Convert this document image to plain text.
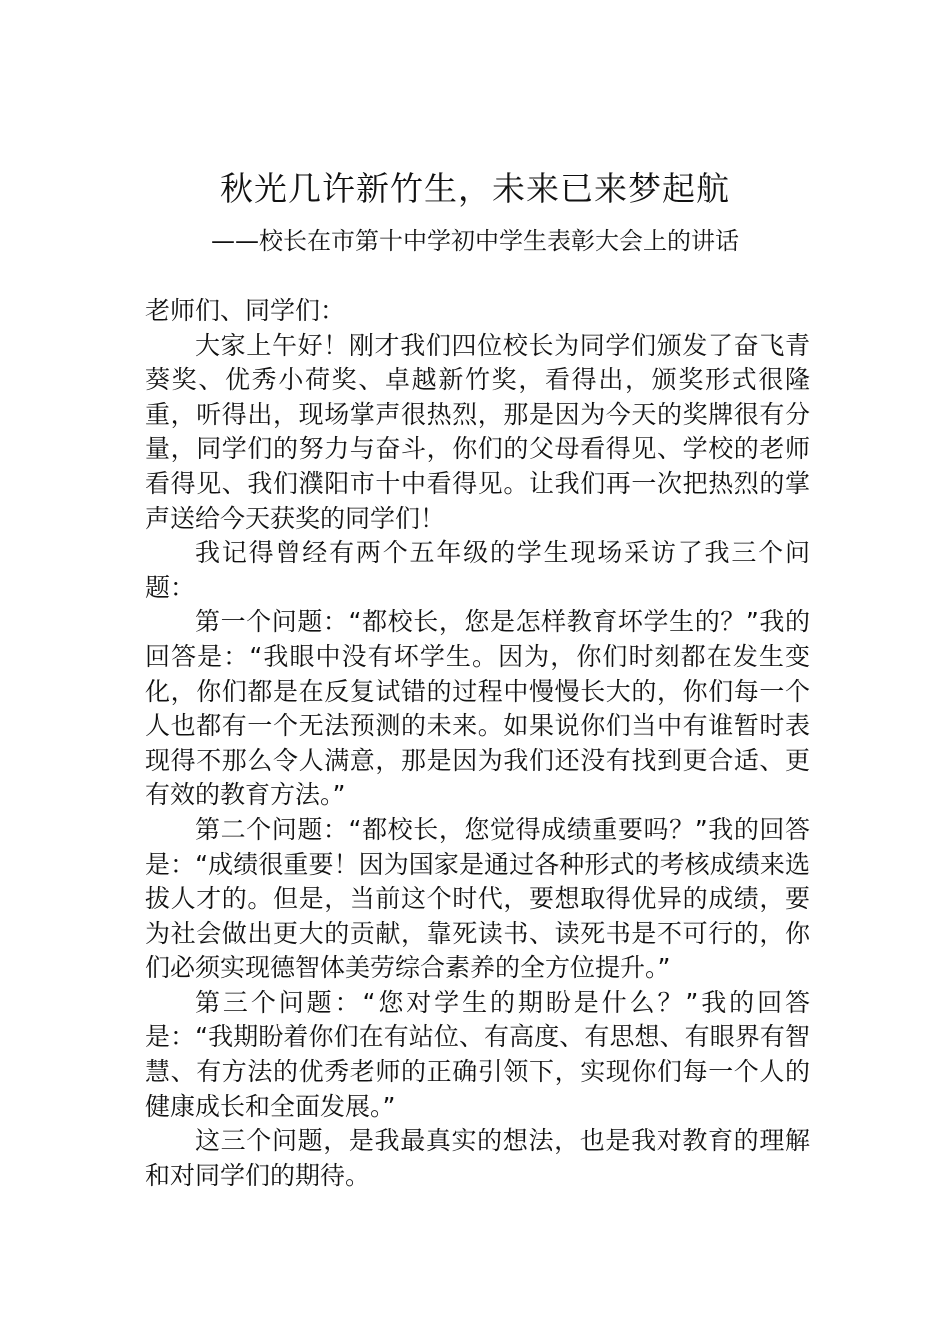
秋光几许新竹生，未来已来梦起航
——校长在市第十中学初中学生表彰大会上的讲话

老师们、同学们：

大家上午好！刚才我们四位校长为同学们颁发了奋飞青葵奖、优秀小荷奖、卓越新竹奖，看得出，颁奖形式很隆重，听得出，现场掌声很热烈，那是因为今天的奖牌很有分量，同学们的努力与奋斗，你们的父母看得见、学校的老师看得见、我们濮阳市十中看得见。让我们再一次把热烈的掌声送给今天获奖的同学们！

我记得曾经有两个五年级的学生现场采访了我三个问题：

第一个问题：“都校长，您是怎样教育坏学生的？”我的回答是：“我眼中没有坏学生。因为，你们时刻都在发生变化，你们都是在反复试错的过程中慢慢长大的，你们每一个人也都有一个无法预测的未来。如果说你们当中有谁暂时表现得不那么令人满意，那是因为我们还没有找到更合适、更有效的教育方法。”

第二个问题：“都校长，您觉得成绩重要吗？”我的回答是：“成绩很重要！因为国家是通过各种形式的考核成绩来选拔人才的。但是，当前这个时代，要想取得优异的成绩，要为社会做出更大的贡献，靠死读书、读死书是不可行的，你们必须实现德智体美劳综合素养的全方位提升。”

第三个问题：“您对学生的期盼是什么？”我的回答是：“我期盼着你们在有站位、有高度、有思想、有眼界有智慧、有方法的优秀老师的正确引领下，实现你们每一个人的健康成长和全面发展。”

这三个问题，是我最真实的想法，也是我对教育的理解和对同学们的期待。
